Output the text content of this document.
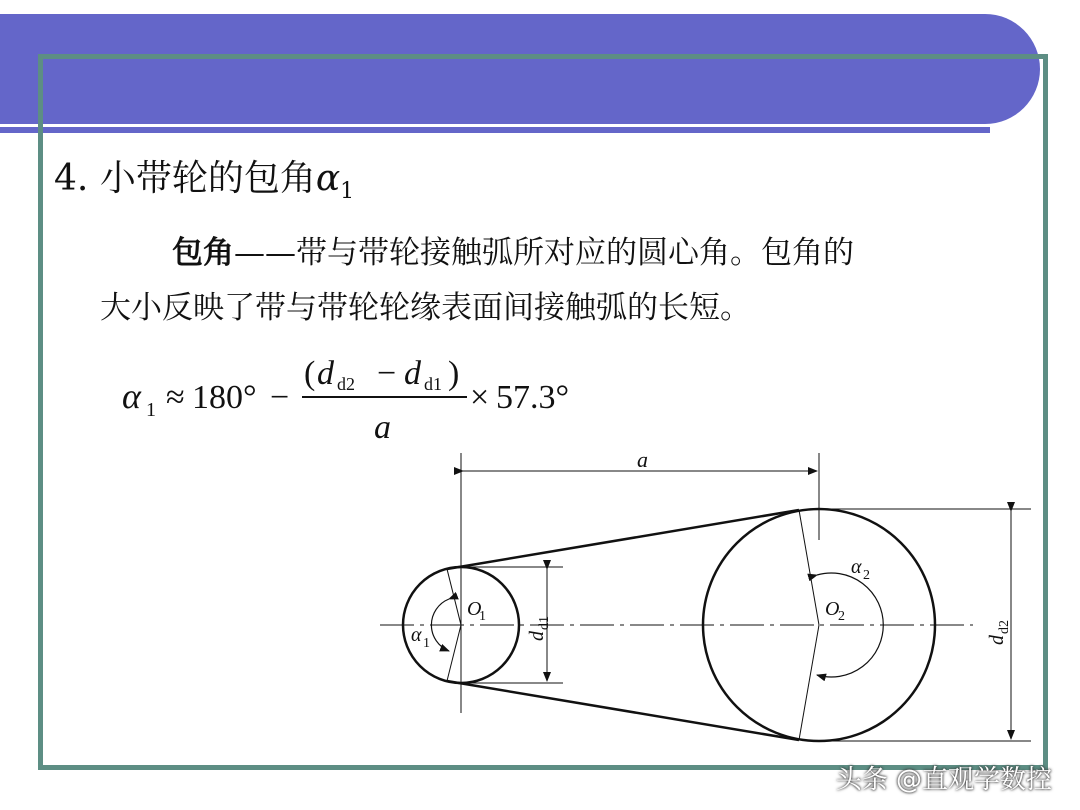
4. 小带轮的包角$\alpha_1$
包角——带与带轮接触弧所对应的圆心角。包角的
大小反映了带与带轮轮缘表面间接触弧的长短。
α 1 ≈ 180° −
( d d2 − d d1 )
a
× 57.3°
a
O
1	O
2
α 1
α 2
d
d1
d
d2
头条 @直观学数控
